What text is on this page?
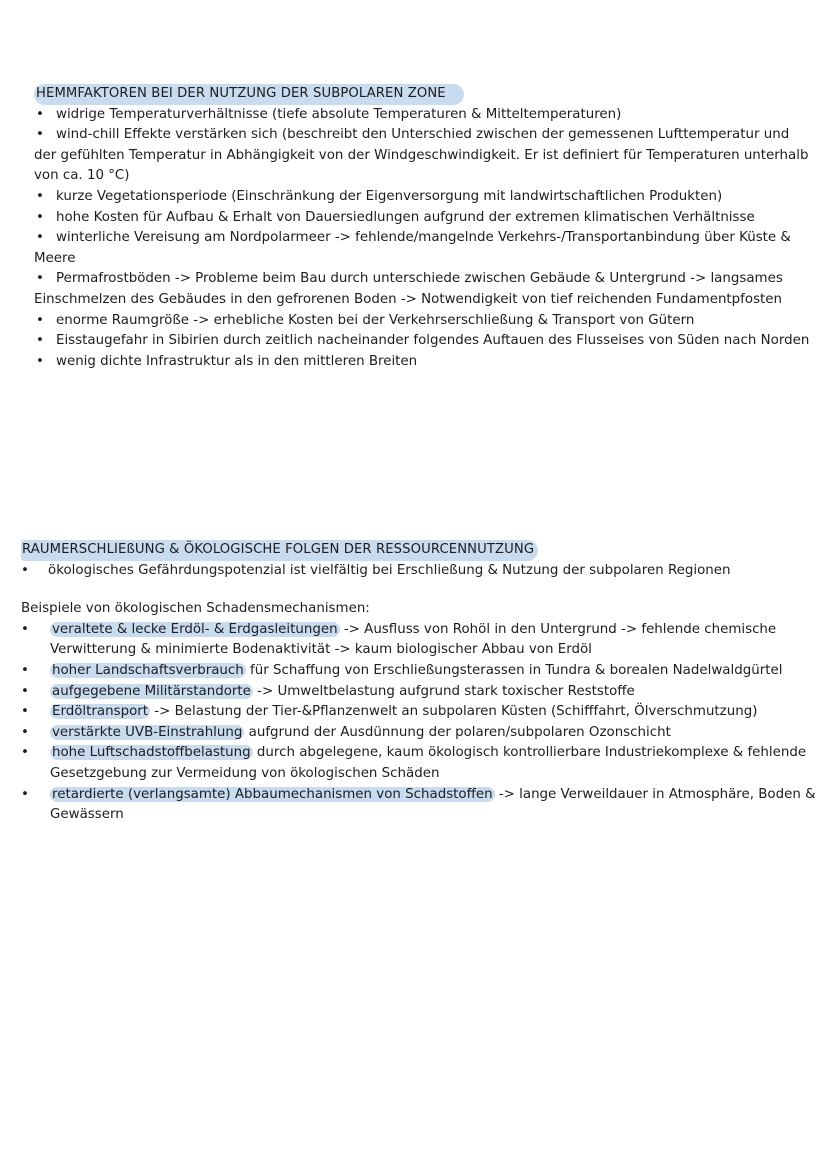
HEMMFAKTOREN BEI DER NUTZUNG DER SUBPOLAREN ZONE

• widrige Temperaturverhältnisse (tiefe absolute Temperaturen & Mitteltemperaturen)

• wind-chill Effekte verstärken sich (beschreibt den Unterschied zwischen der gemessenen Lufttemperatur und der gefühlten Temperatur in Abhängigkeit von der Windgeschwindigkeit. Er ist definiert für Temperaturen unterhalb von ca. 10 °C)

• kurze Vegetationsperiode (Einschränkung der Eigenversorgung mit landwirtschaftlichen Produkten)

• hohe Kosten für Aufbau & Erhalt von Dauersiedlungen aufgrund der extremen klimatischen Verhältnisse

• winterliche Vereisung am Nordpolarmeer -> fehlende/mangelnde Verkehrs-/Transportanbindung über Küste & Meere

• Permafrostböden -> Probleme beim Bau durch unterschiede zwischen Gebäude & Untergrund -> langsames Einschmelzen des Gebäudes in den gefrorenen Boden -> Notwendigkeit von tief reichenden Fundamentpfosten

• enorme Raumgröße -> erhebliche Kosten bei der Verkehrserschließung & Transport von Gütern

• Eisstaugefahr in Sibirien durch zeitlich nacheinander folgendes Auftauen des Flusseises von Süden nach Norden

• wenig dichte Infrastruktur als in den mittleren Breiten

RAUMERSCHLIEßUNG & ÖKOLOGISCHE FOLGEN DER RESSOURCENNUTZUNG

• ökologisches Gefährdungspotenzial ist vielfältig bei Erschließung & Nutzung der subpolaren Regionen

Beispiele von ökologischen Schadensmechanismen:

• veraltete & lecke Erdöl- & Erdgasleitungen -> Ausfluss von Rohöl in den Untergrund -> fehlende chemische Verwitterung & minimierte Bodenaktivität -> kaum biologischer Abbau von Erdöl

• hoher Landschaftsverbrauch für Schaffung von Erschließungsterassen in Tundra & borealen Nadelwaldgürtel

• aufgegebene Militärstandorte -> Umweltbelastung aufgrund stark toxischer Reststoffe

• Erdöltransport -> Belastung der Tier-&Pflanzenwelt an subpolaren Küsten (Schifffahrt, Ölverschmutzung)

• verstärkte UVB-Einstrahlung aufgrund der Ausdünnung der polaren/subpolaren Ozonschicht

• hohe Luftschadstoffbelastung durch abgelegene, kaum ökologisch kontrollierbare Industriekomplexe & fehlende Gesetzgebung zur Vermeidung von ökologischen Schäden

• retardierte (verlangsamte) Abbaumechanismen von Schadstoffen -> lange Verweildauer in Atmosphäre, Boden & Gewässern
